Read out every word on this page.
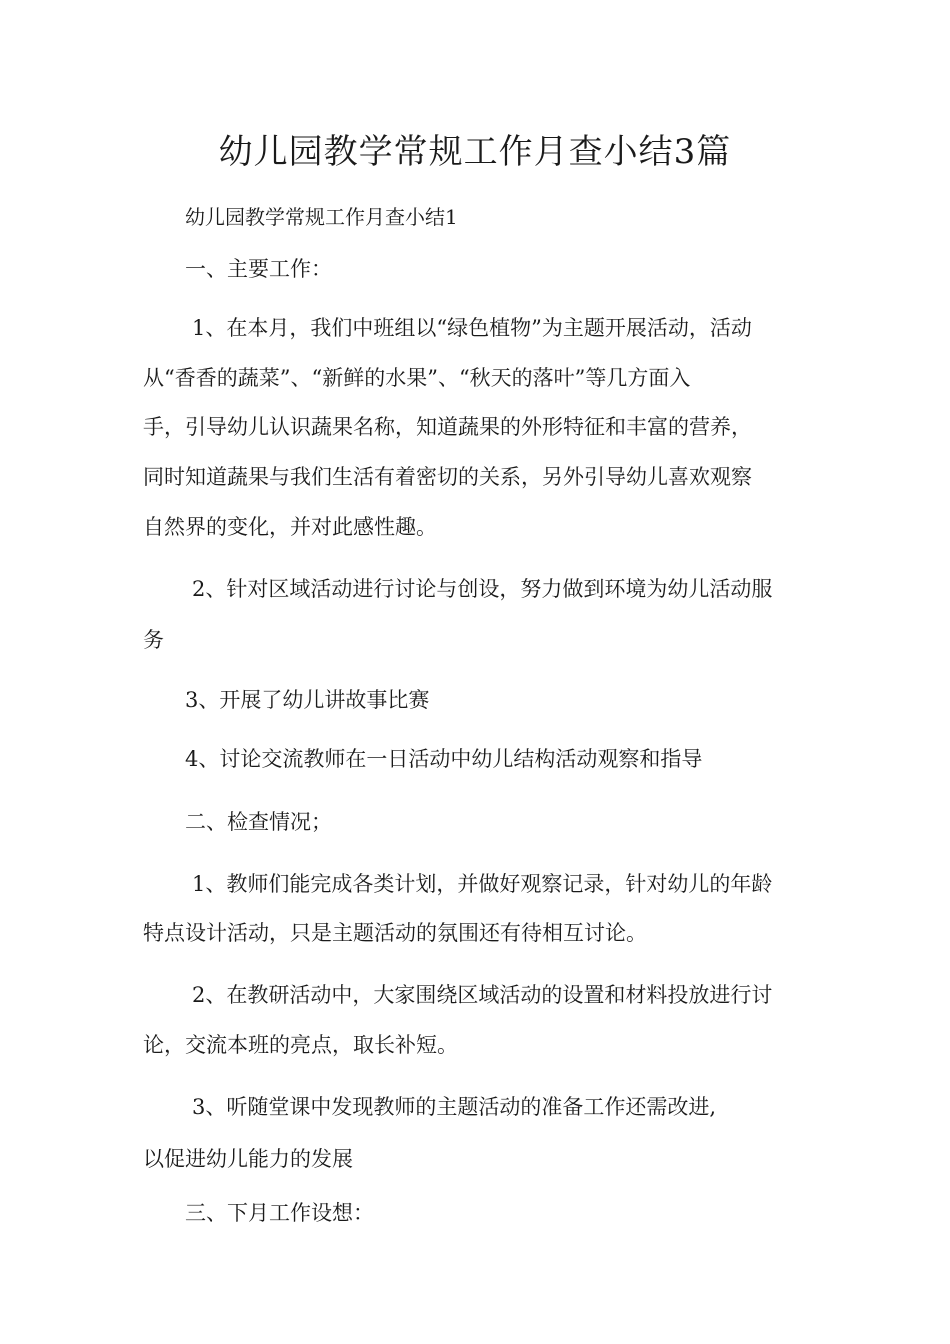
幼儿园教学常规工作月查小结3篇
幼儿园教学常规工作月查小结1
一、主要工作：
1、在本月，我们中班组以“绿色植物”为主题开展活动，活动
从“香香的蔬菜”、“新鲜的水果”、“秋天的落叶”等几方面入
手，引导幼儿认识蔬果名称，知道蔬果的外形特征和丰富的营养，
同时知道蔬果与我们生活有着密切的关系，另外引导幼儿喜欢观察
自然界的变化，并对此感性趣。
2、针对区域活动进行讨论与创设，努力做到环境为幼儿活动服
务
3、开展了幼儿讲故事比赛
4、讨论交流教师在一日活动中幼儿结构活动观察和指导
二、检查情况；
1、教师们能完成各类计划，并做好观察记录，针对幼儿的年龄
特点设计活动，只是主题活动的氛围还有待相互讨论。
2、在教研活动中，大家围绕区域活动的设置和材料投放进行讨
论，交流本班的亮点，取长补短。
3、听随堂课中发现教师的主题活动的准备工作还需改进,
以促进幼儿能力的发展
三、下月工作设想：
